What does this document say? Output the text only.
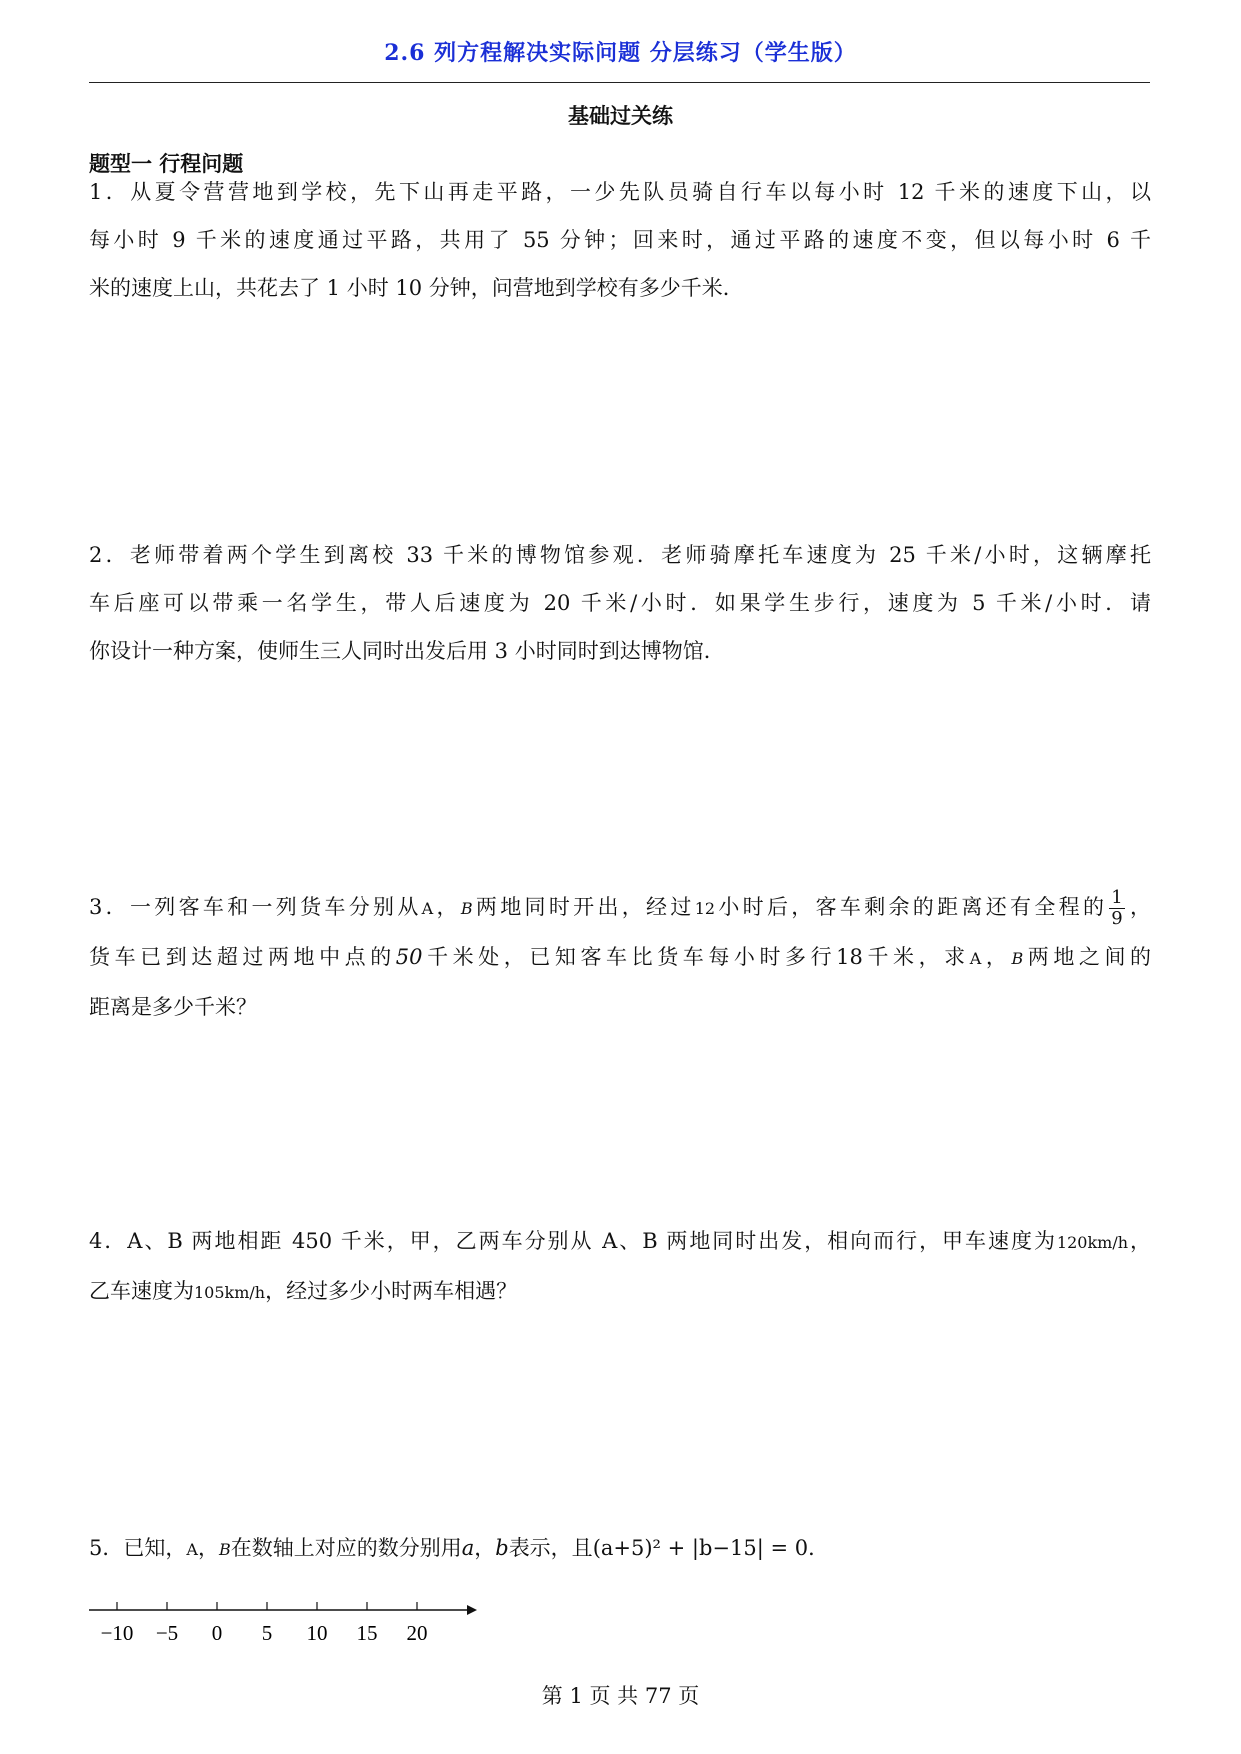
2.6 列方程解决实际问题 分层练习（学生版）
基础过关练
题型一 行程问题

1．从夏令营营地到学校，先下山再走平路，一少先队员骑自行车以每小时 12 千米的速度下山，以

每小时 9 千米的速度通过平路，共用了 55 分钟；回来时，通过平路的速度不变，但以每小时 6 千

米的速度上山，共花去了 1 小时 10 分钟，问营地到学校有多少千米．

2．老师带着两个学生到离校 33 千米的博物馆参观．老师骑摩托车速度为 25 千米/小时，这辆摩托

车后座可以带乘一名学生，带人后速度为 20 千米/小时．如果学生步行，速度为 5 千米/小时．请

你设计一种方案，使师生三人同时出发后用 3 小时同时到达博物馆．

3．一列客车和一列货车分别从A，B两地同时开出，经过12小时后，客车剩余的距离还有全程的 $\frac{1}{9}$ ，

货车已到达超过两地中点的50千米处，已知客车比货车每小时多行18千米，求A，B两地之间的

距离是多少千米？

4．A、B 两地相距 450 千米，甲，乙两车分别从 A、B 两地同时出发，相向而行，甲车速度为120km/h，

乙车速度为105km/h，经过多少小时两车相遇？

5．已知，A，B在数轴上对应的数分别用a，b表示，且(a+5)² + |b−15| = 0．

−10 −5 0 5 10 15 20
第 1 页 共 77 页
